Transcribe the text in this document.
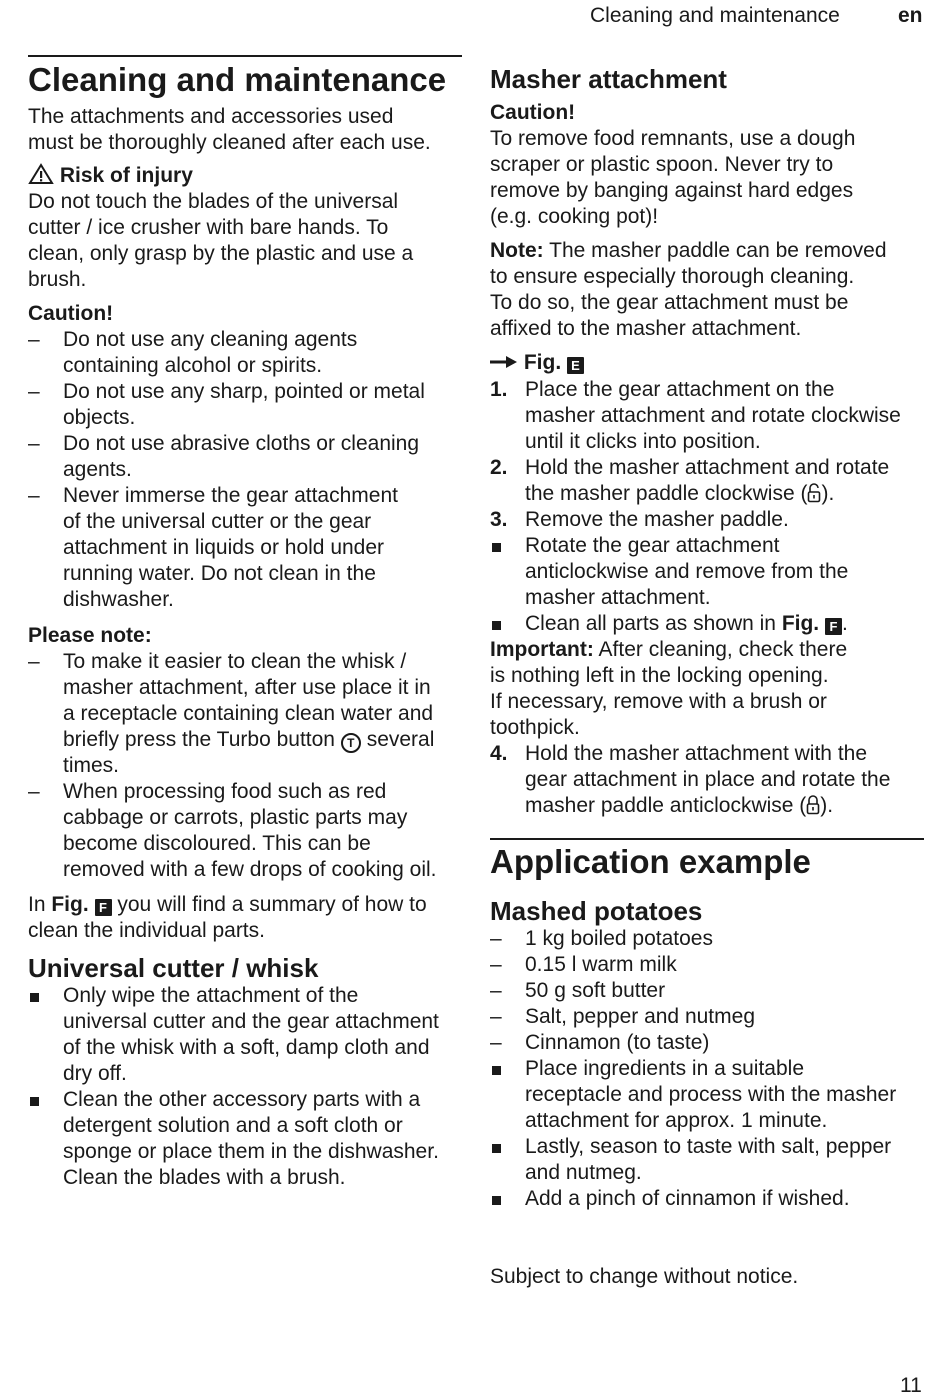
Cleaning and maintenance	en
Cleaning and maintenance
The attachments and accessories used
must be thoroughly cleaned after each use.
Risk of injury
Do not touch the blades of the universal
cutter / ice crusher with bare hands. To
clean, only grasp by the plastic and use a
brush.
Caution!
–	Do not use any cleaning agents
containing alcohol or spirits.
–	Do not use any sharp, pointed or metal
objects.
–	Do not use abrasive cloths or cleaning
agents.
–	Never immerse the gear attachment
of the universal cutter or the gear
attachment in liquids or hold under
running water. Do not clean in the
dishwasher.
Please note:
–	To make it easier to clean the whisk /
masher attachment, after use place it in
a receptacle containing clean water and
briefly press the Turbo button T several
times.
–	When processing food such as red
cabbage or carrots, plastic parts may
become discoloured. This can be
removed with a few drops of cooking oil.
In Fig. F you will find a summary of how to
clean the individual parts.
Universal cutter / whisk
Only wipe the attachment of the
universal cutter and the gear attachment
of the whisk with a soft, damp cloth and
dry off.
Clean the other accessory parts with a
detergent solution and a soft cloth or
sponge or place them in the dishwasher.
Clean the blades with a brush.
Masher attachment
Caution!
To remove food remnants, use a dough
scraper or plastic spoon. Never try to
remove by banging against hard edges
(e.g. cooking pot)!
Note: The masher paddle can be removed
to ensure especially thorough cleaning.
To do so, the gear attachment must be
affixed to the masher attachment.
Fig. E
1. Place the gear attachment on the
masher attachment and rotate clockwise
until it clicks into position.
2. Hold the masher attachment and rotate
the masher paddle clockwise ( ).
3. Remove the masher paddle.
Rotate the gear attachment
anticlockwise and remove from the
masher attachment.
Clean all parts as shown in Fig. F .
Important: After cleaning, check there
is nothing left in the locking opening.
If necessary, remove with a brush or
toothpick.
4. Hold the masher attachment with the
gear attachment in place and rotate the
masher paddle anticlockwise ( ).
Application example
Mashed potatoes
–	1 kg boiled potatoes
–	0.15 l warm milk
–	50 g soft butter
–	Salt, pepper and nutmeg
–	Cinnamon (to taste)
Place ingredients in a suitable
receptacle and process with the masher
attachment for approx. 1 minute.
Lastly, season to taste with salt, pepper
and nutmeg.
Add a pinch of cinnamon if wished.
Subject to change without notice.
11
